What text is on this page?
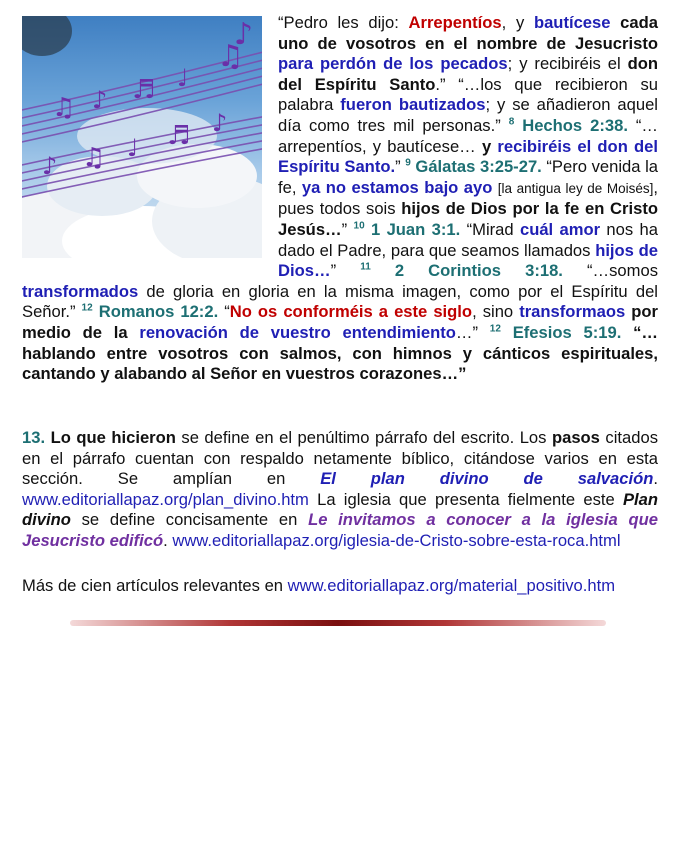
♫ ♪ ♬ ♩
♫
♪
♪ ♫ ♩ ♬ ♪
“Pedro les dijo: Arrepentíos, y bautícese cada uno de vosotros en el nombre de Jesucristo para perdón de los pecados; y recibiréis el don del Espíritu Santo.” “…los que recibieron su palabra fueron bautizados; y se añadieron aquel día como tres mil personas.” $^8$ Hechos 2:38. “…arrepentíos, y bautícese… y recibiréis el don del Espíritu Santo.” $^9$ Gálatas 3:25-27. “Pero venida la fe, ya no estamos bajo ayo [la antigua ley de Moisés], pues todos sois hijos de Dios por la fe en Cristo Jesús…” $^{10}$ 1 Juan 3:1. “Mirad cuál amor nos ha dado el Padre, para que seamos llamados hijos de Dios…” $^{11}$ 2 Corintios 3:18. “…somos transformados de gloria en gloria en la misma imagen, como por el Espíritu del Señor.” $^{12}$ Romanos 12:2. “No os conforméis a este siglo, sino transformaos por medio de la renovación de vuestro entendimiento…” $^{12}$ Efesios 5:19. “…hablando entre vosotros con salmos, con himnos y cánticos espirituales, cantando y alabando al Señor en vuestros corazones…”
13. Lo que hicieron se define en el penúltimo párrafo del escrito. Los pasos citados en el párrafo cuentan con respaldo netamente bíblico, citándose varios en esta sección. Se amplían en El plan divino de salvación. www.editoriallapaz.org/plan_divino.htm La iglesia que presenta fielmente este Plan divino se define concisamente en Le invitamos a conocer a la iglesia que Jesucristo edificó. www.editoriallapaz.org/iglesia-de-Cristo-sobre-esta-roca.html
Más de cien artículos relevantes en www.editoriallapaz.org/material_positivo.htm
